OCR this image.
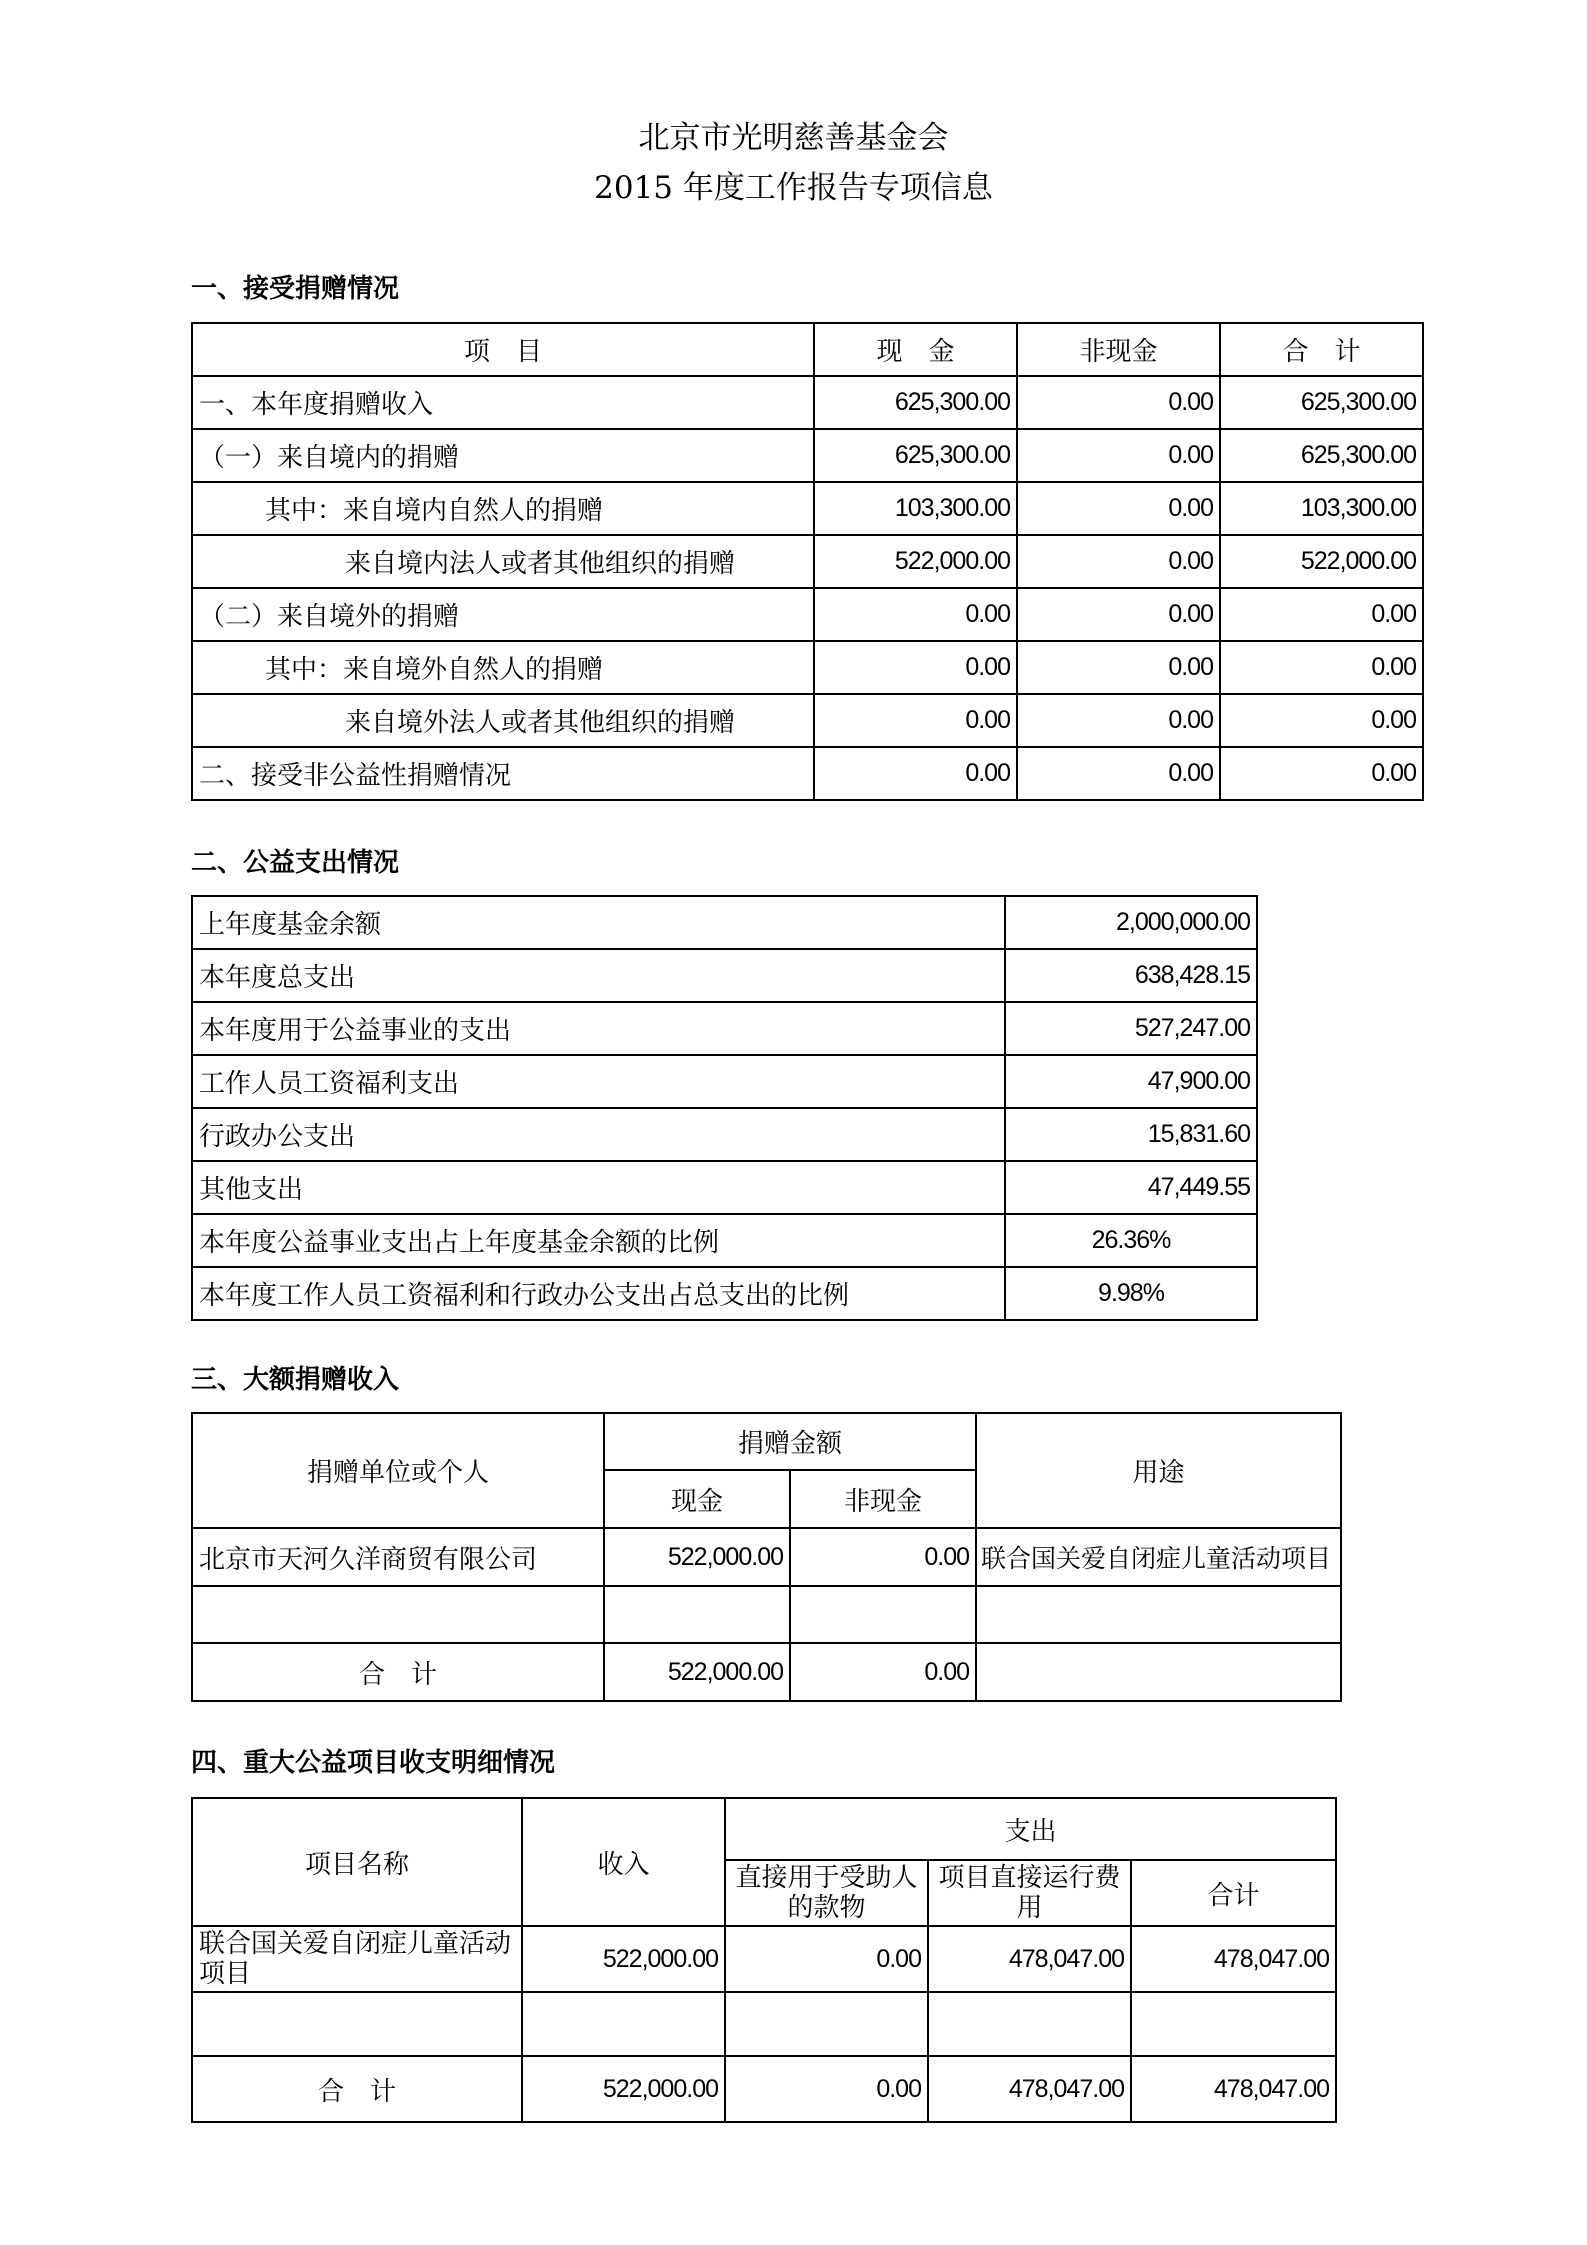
北京市光明慈善基金会
2015 年度工作报告专项信息
一、接受捐赠情况
项　目	现　金	非现金	合　计
一、本年度捐赠收入	625,300.00	0.00	625,300.00
（一）来自境内的捐赠	625,300.00	0.00	625,300.00
其中：来自境内自然人的捐赠	103,300.00	0.00	103,300.00
来自境内法人或者其他组织的捐赠	522,000.00	0.00	522,000.00
（二）来自境外的捐赠	0.00	0.00	0.00
其中：来自境外自然人的捐赠	0.00	0.00	0.00
来自境外法人或者其他组织的捐赠	0.00	0.00	0.00
二、接受非公益性捐赠情况	0.00	0.00	0.00
二、公益支出情况
上年度基金余额	2,000,000.00
本年度总支出	638,428.15
本年度用于公益事业的支出	527,247.00
工作人员工资福利支出	47,900.00
行政办公支出	15,831.60
其他支出	47,449.55
本年度公益事业支出占上年度基金余额的比例	26.36%
本年度工作人员工资福利和行政办公支出占总支出的比例	9.98%
三、大额捐赠收入
捐赠单位或个人	捐赠金额		用途
	现金	非现金	
北京市天河久洋商贸有限公司	522,000.00	0.00	联合国关爱自闭症儿童活动项目

合　计	522,000.00	0.00	
四、重大公益项目收支明细情况
项目名称	收入	支出		
		直接用于受助人的款物	项目直接运行费用	合计
联合国关爱自闭症儿童活动项目	522,000.00	0.00	478,047.00	478,047.00

合　计	522,000.00	0.00	478,047.00	478,047.00
